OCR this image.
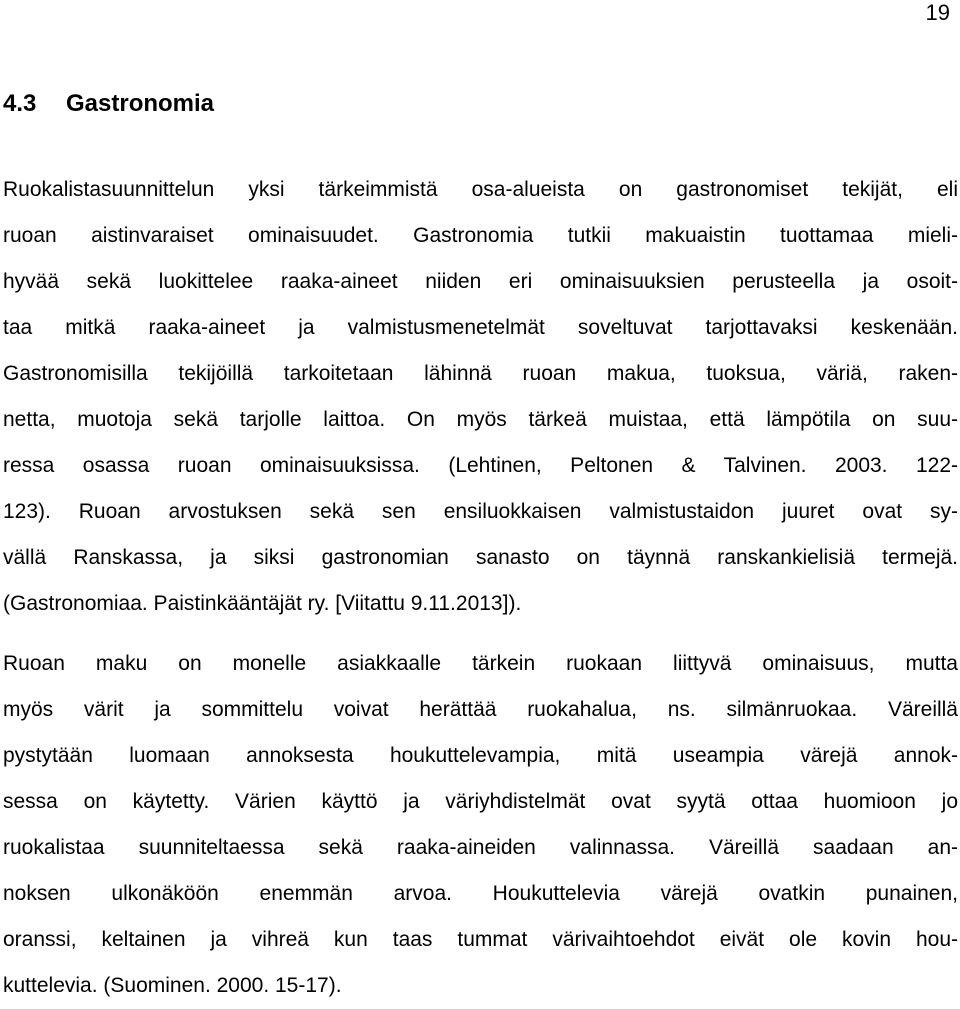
19
4.3 Gastronomia
Ruokalistasuunnittelun yksi tärkeimmistä osa-alueista on gastronomiset tekijät, eli
ruoan aistinvaraiset ominaisuudet. Gastronomia tutkii makuaistin tuottamaa mieli-
hyvää sekä luokittelee raaka-aineet niiden eri ominaisuuksien perusteella ja osoit-
taa mitkä raaka-aineet ja valmistusmenetelmät soveltuvat tarjottavaksi keskenään.
Gastronomisilla tekijöillä tarkoitetaan lähinnä ruoan makua, tuoksua, väriä, raken-
netta, muotoja sekä tarjolle laittoa. On myös tärkeä muistaa, että lämpötila on suu-
ressa osassa ruoan ominaisuuksissa. (Lehtinen, Peltonen & Talvinen. 2003. 122-
123). Ruoan arvostuksen sekä sen ensiluokkaisen valmistustaidon juuret ovat sy-
vällä Ranskassa, ja siksi gastronomian sanasto on täynnä ranskankielisiä termejä.
(Gastronomiaa. Paistinkääntäjät ry. [Viitattu 9.11.2013]).
Ruoan maku on monelle asiakkaalle tärkein ruokaan liittyvä ominaisuus, mutta
myös värit ja sommittelu voivat herättää ruokahalua, ns. silmänruokaa. Väreillä
pystytään luomaan annoksesta houkuttelevampia, mitä useampia värejä annok-
sessa on käytetty. Värien käyttö ja väriyhdistelmät ovat syytä ottaa huomioon jo
ruokalistaa suunniteltaessa sekä raaka-aineiden valinnassa. Väreillä saadaan an-
noksen ulkonäköön enemmän arvoa. Houkuttelevia värejä ovatkin punainen,
oranssi, keltainen ja vihreä kun taas tummat värivaihtoehdot eivät ole kovin hou-
kuttelevia. (Suominen. 2000. 15-17).
